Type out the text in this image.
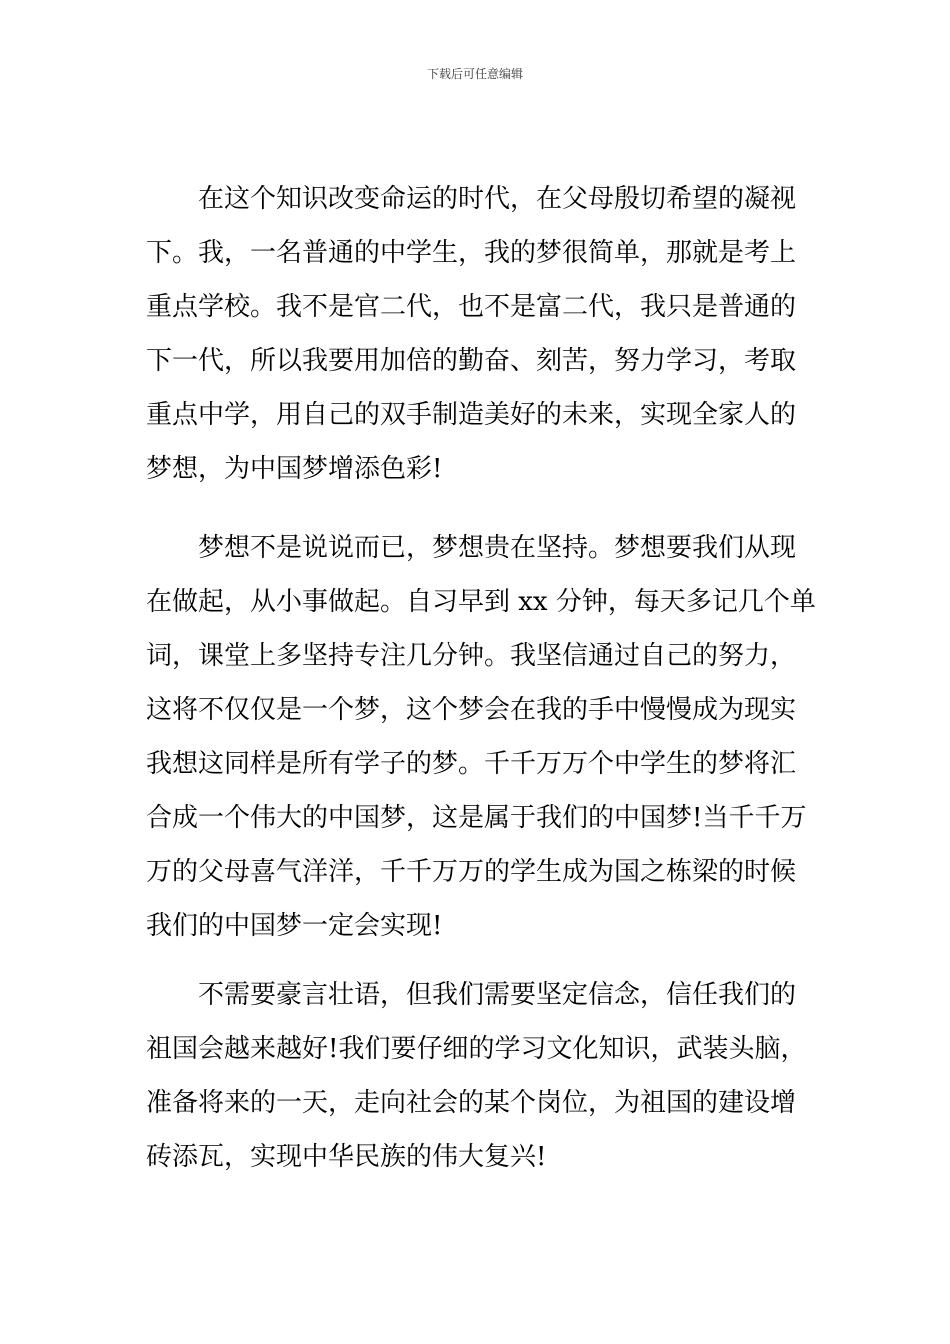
下载后可任意编辑
在这个知识改变命运的时代，在父母殷切希望的凝视
下。我，一名普通的中学生，我的梦很简单，那就是考上
重点学校。我不是官二代，也不是富二代，我只是普通的
下一代，所以我要用加倍的勤奋、刻苦，努力学习，考取
重点中学，用自己的双手制造美好的未来，实现全家人的
梦想，为中国梦增添色彩!
梦想不是说说而已，梦想贵在坚持。梦想要我们从现
在做起，从小事做起。自习早到 xx 分钟，每天多记几个单
词，课堂上多坚持专注几分钟。我坚信通过自己的努力，
这将不仅仅是一个梦，这个梦会在我的手中慢慢成为现实
我想这同样是所有学子的梦。千千万万个中学生的梦将汇
合成一个伟大的中国梦，这是属于我们的中国梦!当千千万
万的父母喜气洋洋，千千万万的学生成为国之栋梁的时候
我们的中国梦一定会实现!
不需要豪言壮语，但我们需要坚定信念，信任我们的
祖国会越来越好!我们要仔细的学习文化知识，武装头脑，
准备将来的一天，走向社会的某个岗位，为祖国的建设增
砖添瓦，实现中华民族的伟大复兴!
